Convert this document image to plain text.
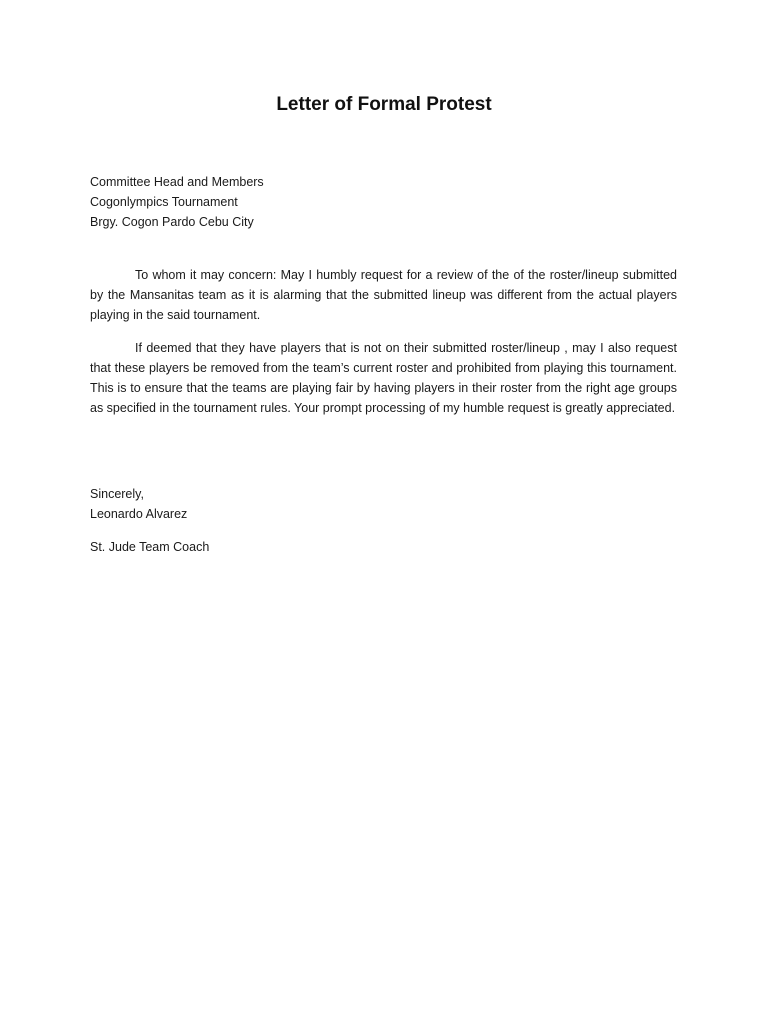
Letter of Formal Protest
Committee Head and Members
Cogonlympics Tournament
Brgy. Cogon Pardo Cebu City

To whom it may concern: May I humbly request for a review of the of the roster/lineup submitted by the Mansanitas team as it is alarming that the submitted lineup was different from the actual players playing in the said tournament.

If deemed that they have players that is not on their submitted roster/lineup , may I also request that these players be removed from the team’s current roster and prohibited from playing this tournament. This is to ensure that the teams are playing fair by having players in their roster from the right age groups as specified in the tournament rules. Your prompt processing of my humble request is greatly appreciated.

Sincerely,
Leonardo Alvarez
St. Jude Team Coach
